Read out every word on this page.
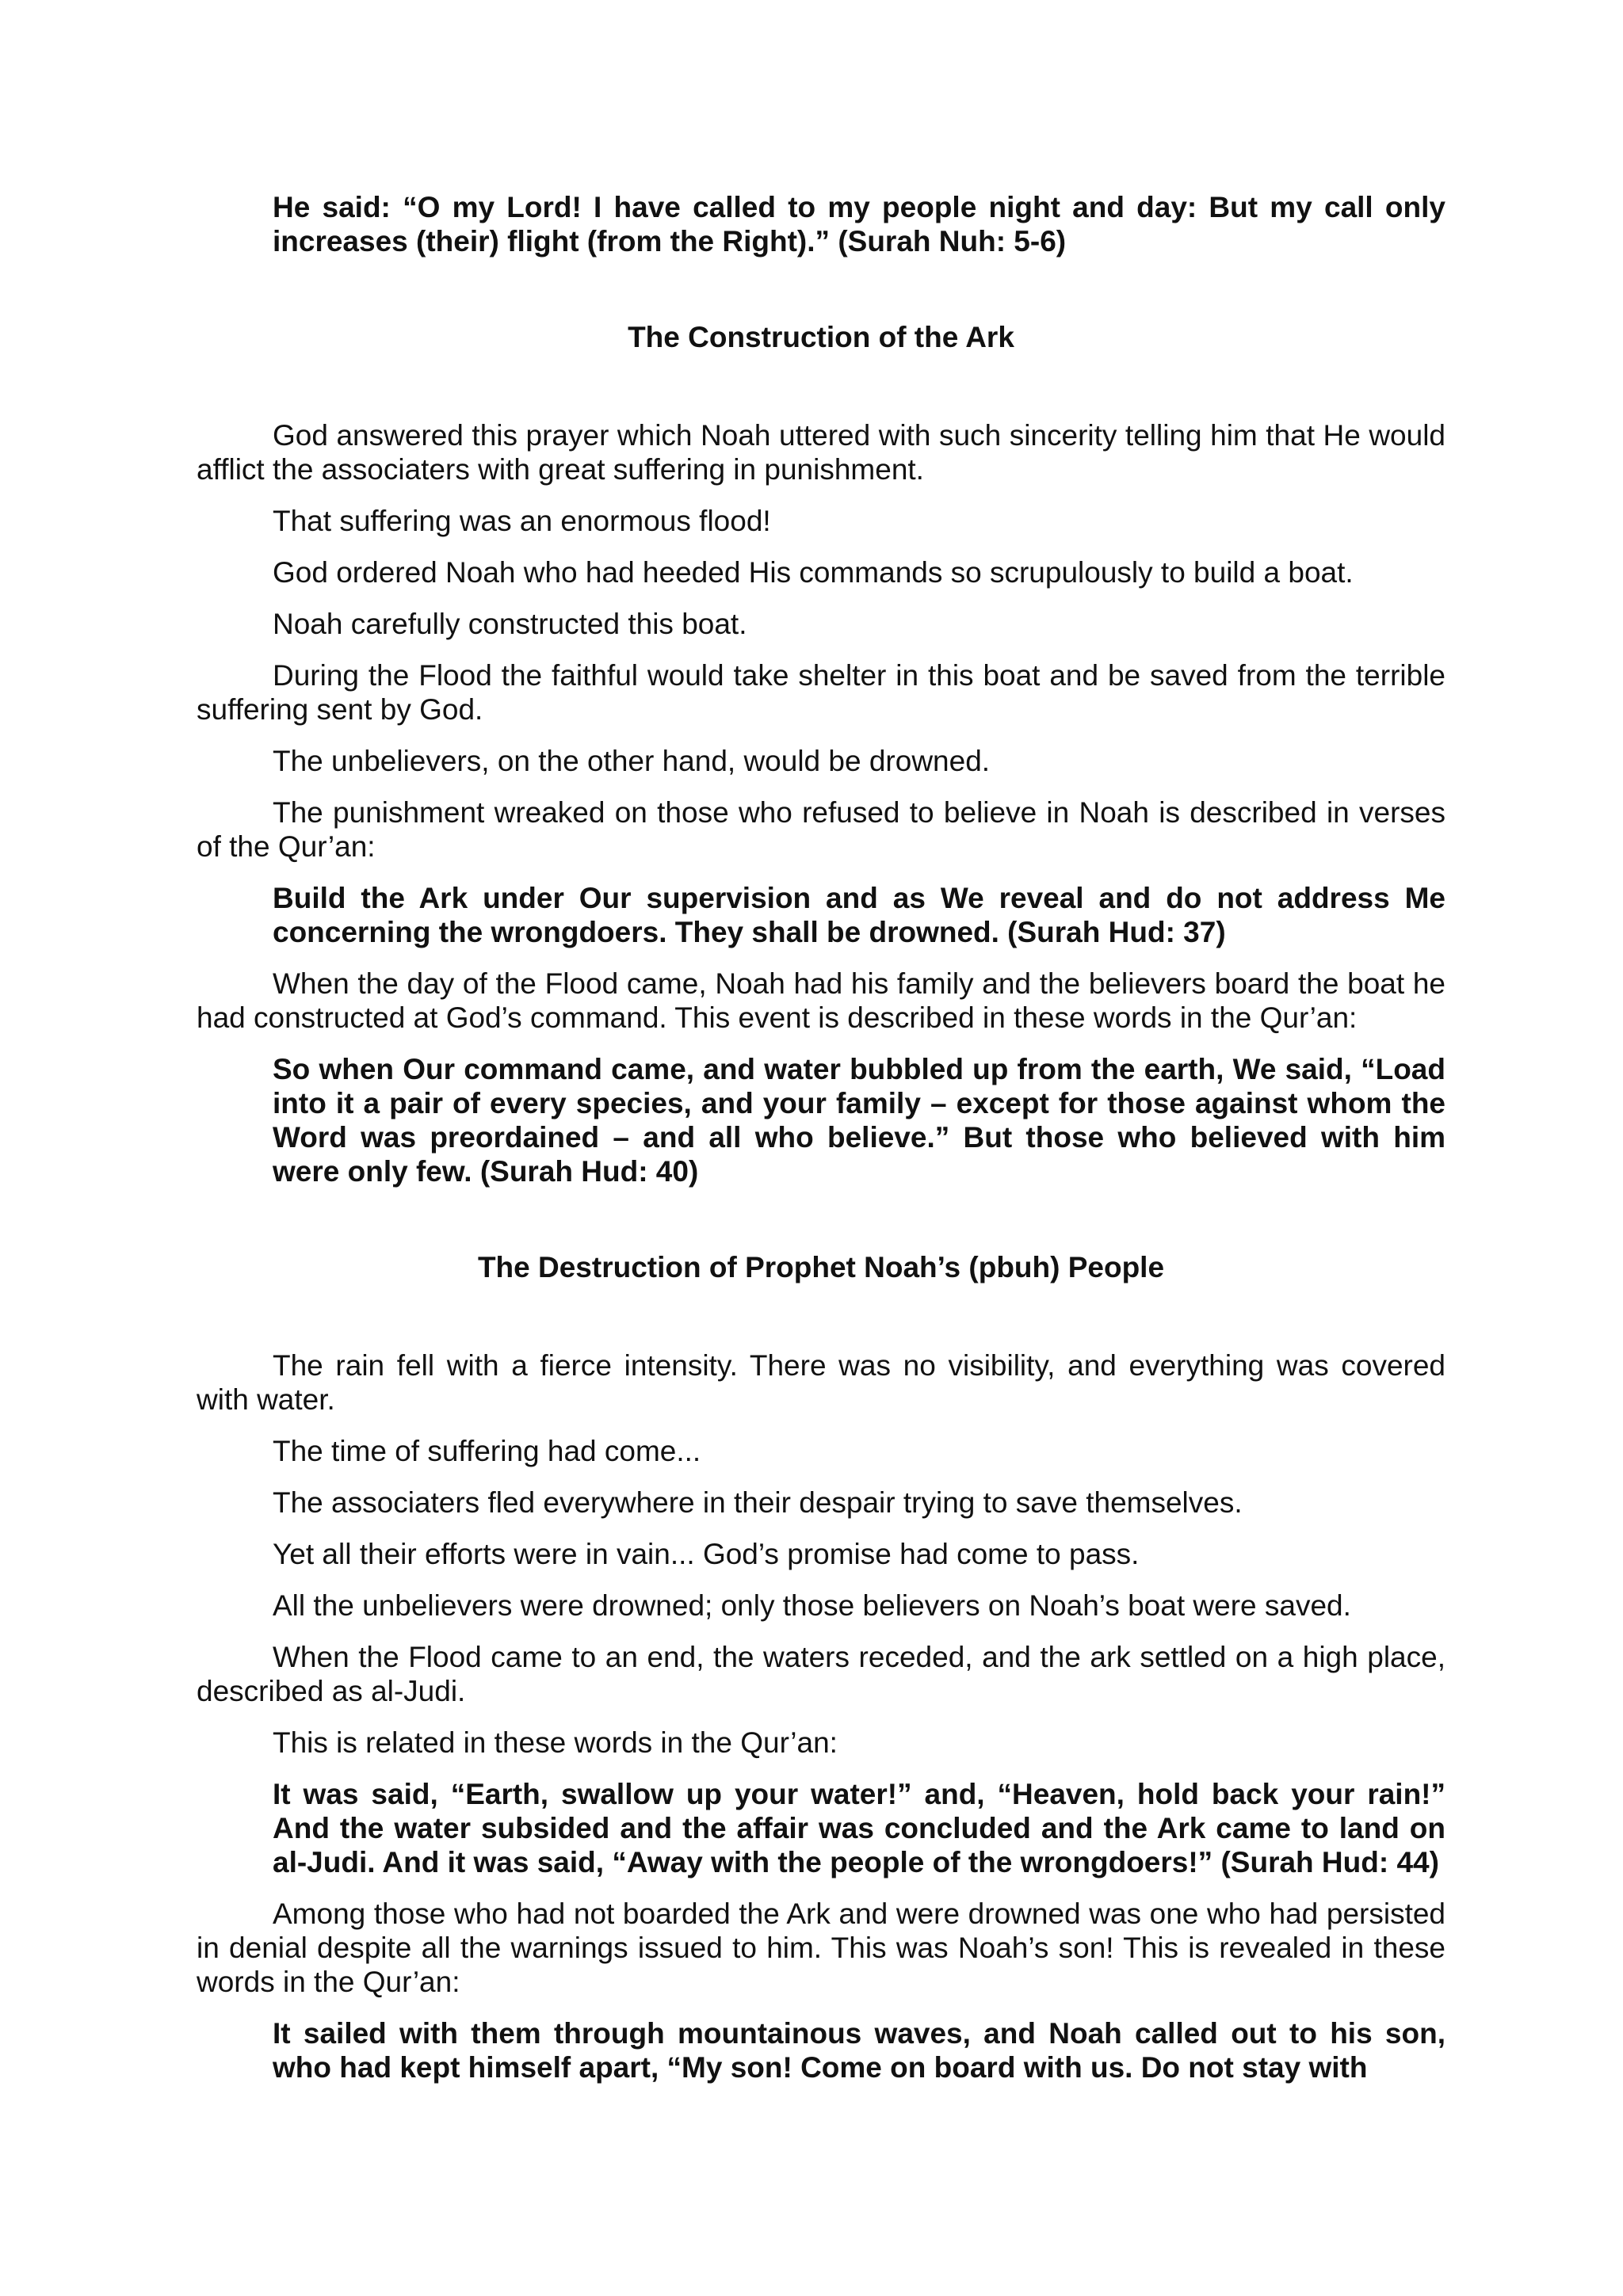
He said: “O my Lord! I have called to my people night and day: But my call only increases (their) flight (from the Right).” (Surah Nuh: 5-6)

The Construction of the Ark

God answered this prayer which Noah uttered with such sincerity telling him that He would afflict the associaters with great suffering in punishment.

That suffering was an enormous flood!

God ordered Noah who had heeded His commands so scrupulously to build a boat.

Noah carefully constructed this boat.

During the Flood the faithful would take shelter in this boat and be saved from the terrible suffering sent by God.

The unbelievers, on the other hand, would be drowned.

The punishment wreaked on those who refused to believe in Noah is described in verses of the Qur’an:

Build the Ark under Our supervision and as We reveal and do not address Me concerning the wrongdoers. They shall be drowned. (Surah Hud: 37)

When the day of the Flood came, Noah had his family and the believers board the boat he had constructed at God’s command. This event is described in these words in the Qur’an:

So when Our command came, and water bubbled up from the earth, We said, “Load into it a pair of every species, and your family – except for those against whom the Word was preordained – and all who believe.” But those who believed with him were only few. (Surah Hud: 40)

The Destruction of Prophet Noah’s (pbuh) People

The rain fell with a fierce intensity. There was no visibility, and everything was covered with water.

The time of suffering had come...

The associaters fled everywhere in their despair trying to save themselves.

Yet all their efforts were in vain... God’s promise had come to pass.

All the unbelievers were drowned; only those believers on Noah’s boat were saved.

When the Flood came to an end, the waters receded, and the ark settled on a high place, described as al-Judi.

This is related in these words in the Qur’an:

It was said, “Earth, swallow up your water!” and, “Heaven, hold back your rain!” And the water subsided and the affair was concluded and the Ark came to land on al-Judi. And it was said, “Away with the people of the wrongdoers!” (Surah Hud: 44)

Among those who had not boarded the Ark and were drowned was one who had persisted in denial despite all the warnings issued to him. This was Noah’s son! This is revealed in these words in the Qur’an:

It sailed with them through mountainous waves, and Noah called out to his son, who had kept himself apart, “My son! Come on board with us. Do not stay with
